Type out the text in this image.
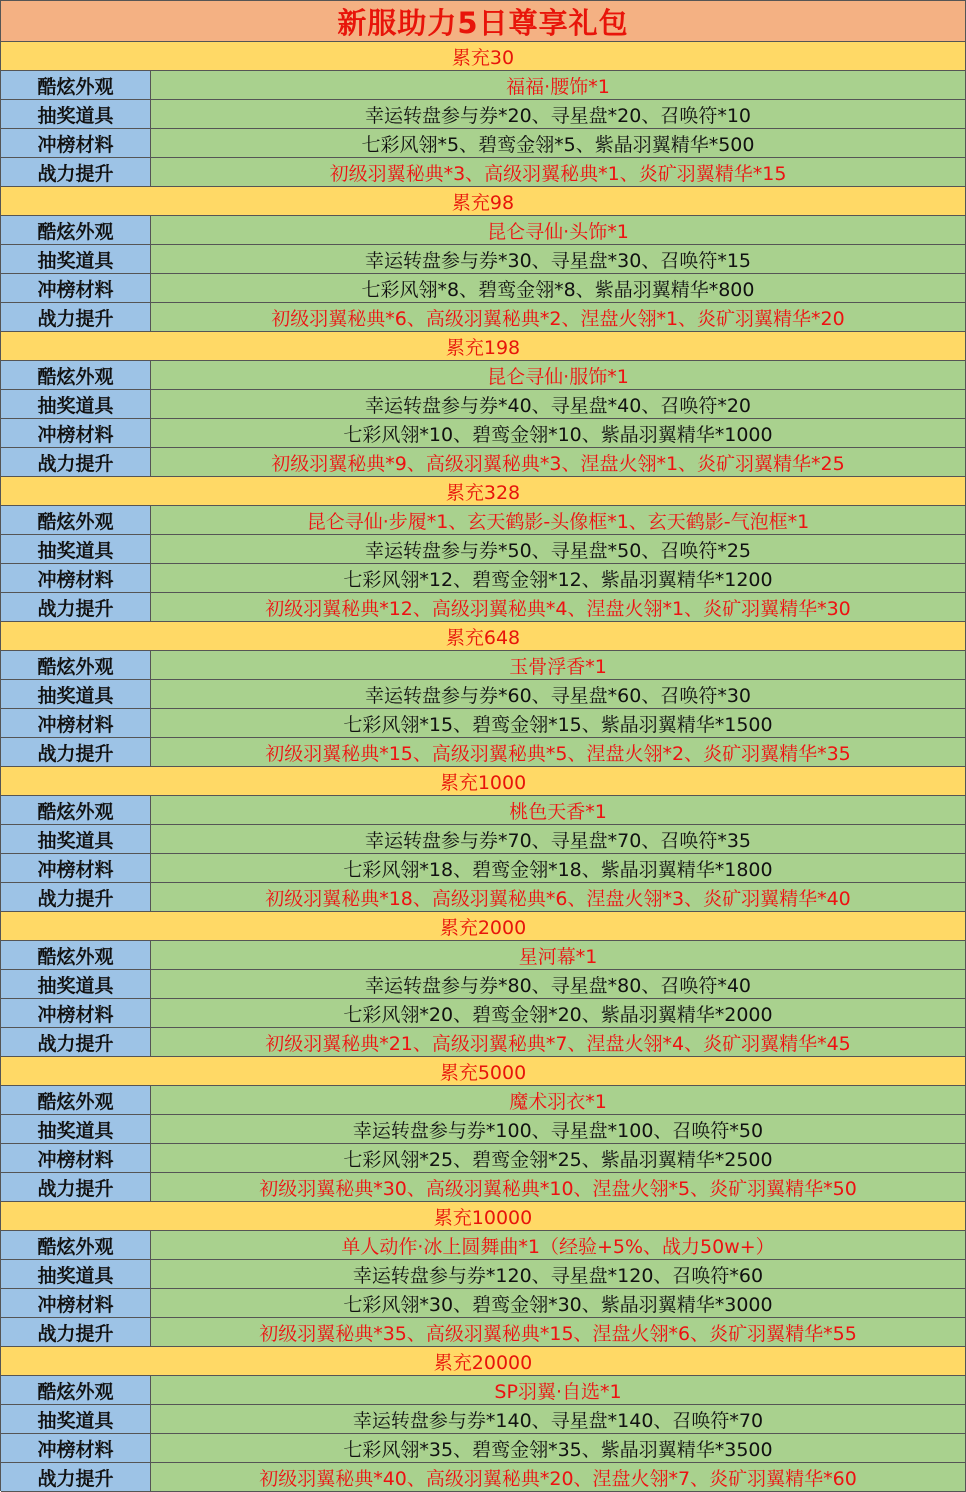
新服助力5日尊享礼包
累充30
酷炫外观	福福·腰饰*1
抽奖道具	幸运转盘参与券*20、寻星盘*20、召唤符*10
冲榜材料	七彩风翎*5、碧鸾金翎*5、紫晶羽翼精华*500
战力提升	初级羽翼秘典*3、高级羽翼秘典*1、炎矿羽翼精华*15
累充98
酷炫外观	昆仑寻仙·头饰*1
抽奖道具	幸运转盘参与券*30、寻星盘*30、召唤符*15
冲榜材料	七彩风翎*8、碧鸾金翎*8、紫晶羽翼精华*800
战力提升	初级羽翼秘典*6、高级羽翼秘典*2、涅盘火翎*1、炎矿羽翼精华*20
累充198
酷炫外观	昆仑寻仙·服饰*1
抽奖道具	幸运转盘参与券*40、寻星盘*40、召唤符*20
冲榜材料	七彩风翎*10、碧鸾金翎*10、紫晶羽翼精华*1000
战力提升	初级羽翼秘典*9、高级羽翼秘典*3、涅盘火翎*1、炎矿羽翼精华*25
累充328
酷炫外观	昆仑寻仙·步履*1、玄天鹤影-头像框*1、玄天鹤影-气泡框*1
抽奖道具	幸运转盘参与券*50、寻星盘*50、召唤符*25
冲榜材料	七彩风翎*12、碧鸾金翎*12、紫晶羽翼精华*1200
战力提升	初级羽翼秘典*12、高级羽翼秘典*4、涅盘火翎*1、炎矿羽翼精华*30
累充648
酷炫外观	玉骨浮香*1
抽奖道具	幸运转盘参与券*60、寻星盘*60、召唤符*30
冲榜材料	七彩风翎*15、碧鸾金翎*15、紫晶羽翼精华*1500
战力提升	初级羽翼秘典*15、高级羽翼秘典*5、涅盘火翎*2、炎矿羽翼精华*35
累充1000
酷炫外观	桃色天香*1
抽奖道具	幸运转盘参与券*70、寻星盘*70、召唤符*35
冲榜材料	七彩风翎*18、碧鸾金翎*18、紫晶羽翼精华*1800
战力提升	初级羽翼秘典*18、高级羽翼秘典*6、涅盘火翎*3、炎矿羽翼精华*40
累充2000
酷炫外观	星河幕*1
抽奖道具	幸运转盘参与券*80、寻星盘*80、召唤符*40
冲榜材料	七彩风翎*20、碧鸾金翎*20、紫晶羽翼精华*2000
战力提升	初级羽翼秘典*21、高级羽翼秘典*7、涅盘火翎*4、炎矿羽翼精华*45
累充5000
酷炫外观	魔术羽衣*1
抽奖道具	幸运转盘参与券*100、寻星盘*100、召唤符*50
冲榜材料	七彩风翎*25、碧鸾金翎*25、紫晶羽翼精华*2500
战力提升	初级羽翼秘典*30、高级羽翼秘典*10、涅盘火翎*5、炎矿羽翼精华*50
累充10000
酷炫外观	单人动作·冰上圆舞曲*1（经验+5%、战力50w+）
抽奖道具	幸运转盘参与券*120、寻星盘*120、召唤符*60
冲榜材料	七彩风翎*30、碧鸾金翎*30、紫晶羽翼精华*3000
战力提升	初级羽翼秘典*35、高级羽翼秘典*15、涅盘火翎*6、炎矿羽翼精华*55
累充20000
酷炫外观	SP羽翼·自选*1
抽奖道具	幸运转盘参与券*140、寻星盘*140、召唤符*70
冲榜材料	七彩风翎*35、碧鸾金翎*35、紫晶羽翼精华*3500
战力提升	初级羽翼秘典*40、高级羽翼秘典*20、涅盘火翎*7、炎矿羽翼精华*60
